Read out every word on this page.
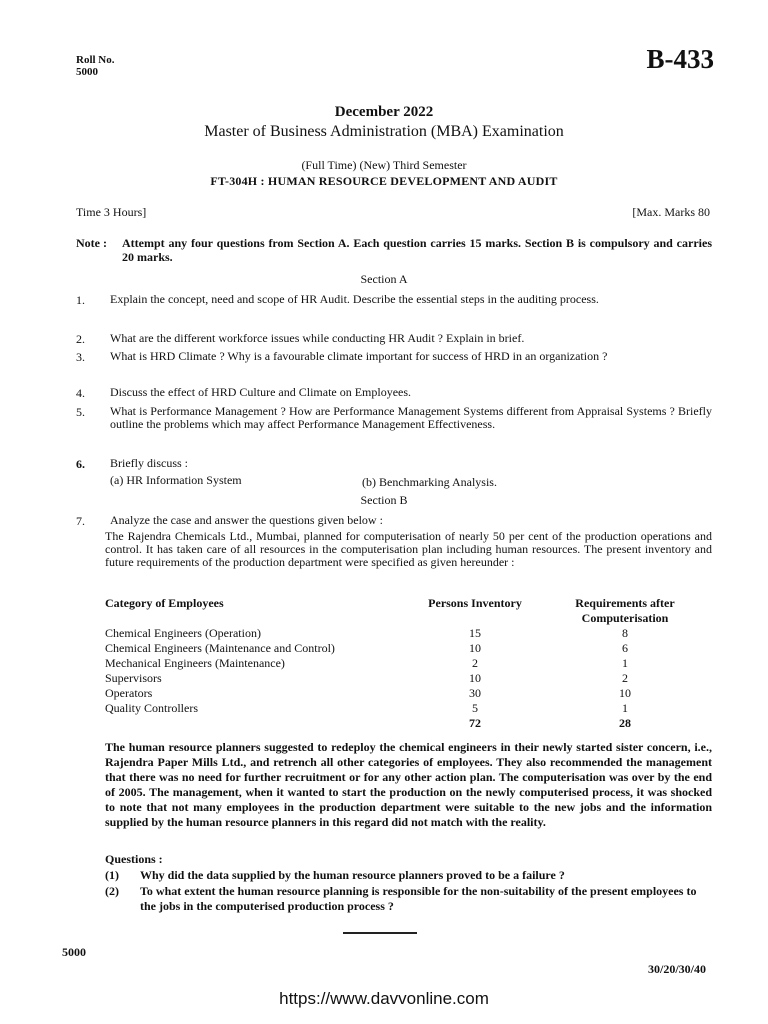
Roll No.
5000	B-433
December 2022
Master of Business Administration (MBA) Examination
(Full Time) (New) Third Semester
FT-304H : HUMAN RESOURCE DEVELOPMENT AND AUDIT
Time 3 Hours]	[Max. Marks 80
Note : Attempt any four questions from Section A. Each question carries 15 marks. Section B is compulsory and carries 20 marks.
Section A
1.	Explain the concept, need and scope of HR Audit. Describe the essential steps in the auditing process.
2.	What are the different workforce issues while conducting HR Audit ? Explain in brief.
3.	What is HRD Climate ? Why is a favourable climate important for success of HRD in an organization ?
4.	Discuss the effect of HRD Culture and Climate on Employees.
5.	What is Performance Management ? How are Performance Management Systems different from Appraisal Systems ? Briefly outline the problems which may affect Performance Management Effectiveness.
6.	Briefly discuss :
(a) HR Information System	(b) Benchmarking Analysis.
Section B
7.	Analyze the case and answer the questions given below :
The Rajendra Chemicals Ltd., Mumbai, planned for computerisation of nearly 50 per cent of the production operations and control. It has taken care of all resources in the computerisation plan including human resources. The present inventory and future requirements of the production department were specified as given hereunder :
Category of Employees	Persons Inventory	Requirements after Computerisation
Chemical Engineers (Operation)	15	8
Chemical Engineers (Maintenance and Control)	10	6
Mechanical Engineers (Maintenance)	2	1
Supervisors	10	2
Operators	30	10
Quality Controllers	5	1
	72	28
The human resource planners suggested to redeploy the chemical engineers in their newly started sister concern, i.e., Rajendra Paper Mills Ltd., and retrench all other categories of employees. They also recommended the management that there was no need for further recruitment or for any other action plan. The computerisation was over by the end of 2005. The management, when it wanted to start the production on the newly computerised process, it was shocked to note that not many employees in the production department were suitable to the new jobs and the information supplied by the human resource planners in this regard did not match with the reality.
Questions :
(1)	Why did the data supplied by the human resource planners proved to be a failure ?
(2)	To what extent the human resource planning is responsible for the non-suitability of the present employees to the jobs in the computerised production process ?
5000
30/20/30/40
https://www.davvonline.com
